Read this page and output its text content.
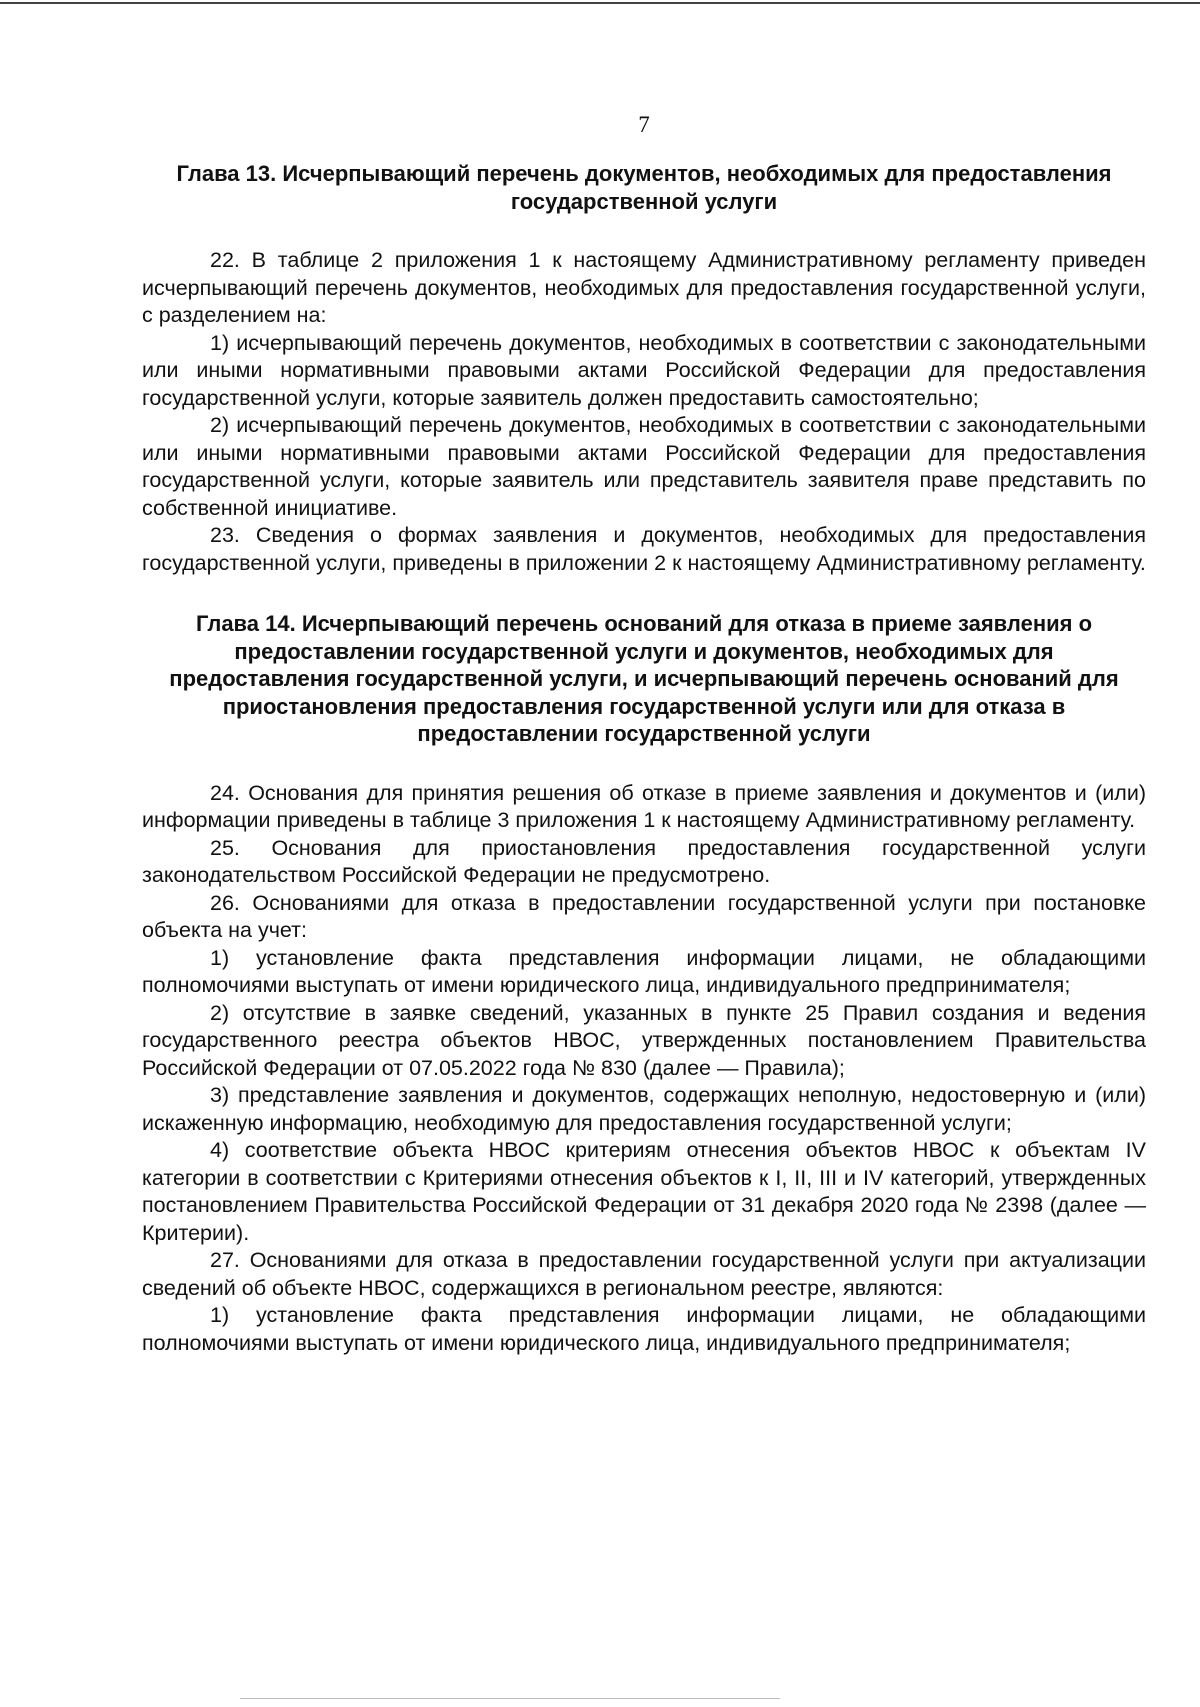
7
Глава 13. Исчерпывающий перечень документов, необходимых для предоставления государственной услуги

22. В таблице 2 приложения 1 к настоящему Административному регламенту приведен исчерпывающий перечень документов, необходимых для предоставления государственной услуги, с разделением на:

1) исчерпывающий перечень документов, необходимых в соответствии с законодательными или иными нормативными правовыми актами Российской Федерации для предоставления государственной услуги, которые заявитель должен предоставить самостоятельно;

2) исчерпывающий перечень документов, необходимых в соответствии с законодательными или иными нормативными правовыми актами Российской Федерации для предоставления государственной услуги, которые заявитель или представитель заявителя праве представить по собственной инициативе.

23. Сведения о формах заявления и документов, необходимых для предоставления государственной услуги, приведены в приложении 2 к настоящему Административному регламенту.

Глава 14. Исчерпывающий перечень оснований для отказа в приеме заявления о предоставлении государственной услуги и документов, необходимых для предоставления государственной услуги, и исчерпывающий перечень оснований для приостановления предоставления государственной услуги или для отказа в предоставлении государственной услуги

24. Основания для принятия решения об отказе в приеме заявления и документов и (или) информации приведены в таблице 3 приложения 1 к настоящему Административному регламенту.

25. Основания для приостановления предоставления государственной услуги законодательством Российской Федерации не предусмотрено.

26. Основаниями для отказа в предоставлении государственной услуги при постановке объекта на учет:

1) установление факта представления информации лицами, не обладающими полномочиями выступать от имени юридического лица, индивидуального предпринимателя;

2) отсутствие в заявке сведений, указанных в пункте 25 Правил создания и ведения государственного реестра объектов НВОС, утвержденных постановлением Правительства Российской Федерации от 07.05.2022 года № 830 (далее — Правила);

3) представление заявления и документов, содержащих неполную, недостоверную и (или) искаженную информацию, необходимую для предоставления государственной услуги;

4) соответствие объекта НВОС критериям отнесения объектов НВОС к объектам IV категории в соответствии с Критериями отнесения объектов к I, II, III и IV категорий, утвержденных постановлением Правительства Российской Федерации от 31 декабря 2020 года № 2398 (далее — Критерии).

27. Основаниями для отказа в предоставлении государственной услуги при актуализации сведений об объекте НВОС, содержащихся в региональном реестре, являются:

1) установление факта представления информации лицами, не обладающими полномочиями выступать от имени юридического лица, индивидуального предпринимателя;
